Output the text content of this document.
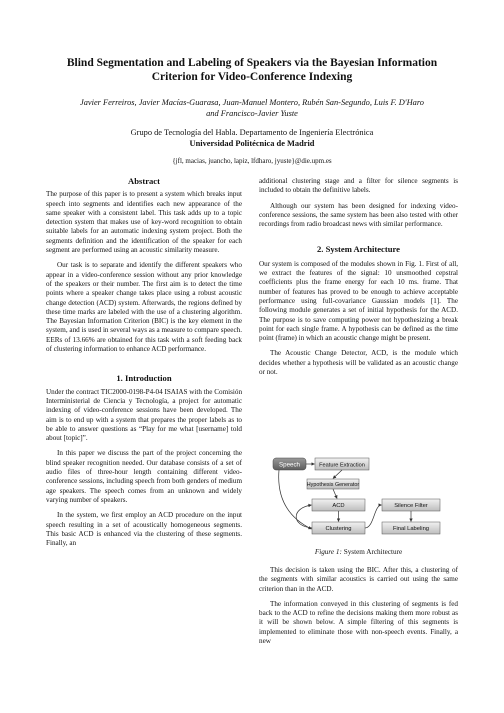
Blind Segmentation and Labeling of Speakers via the Bayesian Information
Criterion for Video-Conference Indexing
Javier Ferreiros, Javier Macías-Guarasa, Juan-Manuel Montero, Rubén San-Segundo, Luis F. D'Haro
and Francisco-Javier Yuste
Grupo de Tecnología del Habla. Departamento de Ingeniería Electrónica
Universidad Politécnica de Madrid
{jfl, macias, juancho, lapiz, lfdharo, jyuste}@die.upm.es

Abstract

The purpose of this paper is to present a system which breaks input speech into segments and identifies each new appearance of the same speaker with a consistent label. This task adds up to a topic detection system that makes use of key-word recognition to obtain suitable labels for an automatic indexing system project. Both the segments definition and the identification of the speaker for each segment are performed using an acoustic similarity measure.

Our task is to separate and identify the different speakers who appear in a video-conference session without any prior knowledge of the speakers or their number. The first aim is to detect the time points where a speaker change takes place using a robust acoustic change detection (ACD) system. Afterwards, the regions defined by these time marks are labeled with the use of a clustering algorithm. The Bayesian Information Criterion (BIC) is the key element in the system, and is used in several ways as a measure to compare speech. EERs of 13.66% are obtained for this task with a soft feeding back of clustering information to enhance ACD performance.

1. Introduction

Under the contract TIC2000-0198-P4-04 ISAIAS with the Comisión Interministerial de Ciencia y Tecnología, a project for automatic indexing of video-conference sessions have been developed. The aim is to end up with a system that prepares the proper labels as to be able to answer questions as “Play for me what [username] told about [topic]”.

In this paper we discuss the part of the project concerning the blind speaker recognition needed. Our database consists of a set of audio files of three-hour length containing different video-conference sessions, including speech from both genders of medium age speakers. The speech comes from an unknown and widely varying number of speakers.

In the system, we first employ an ACD procedure on the input speech resulting in a set of acoustically homogeneous segments. This basic ACD is enhanced via the clustering of these segments. Finally, an

additional clustering stage and a filter for silence segments is included to obtain the definitive labels.

Although our system has been designed for indexing video-conference sessions, the same system has been also tested with other recordings from radio broadcast news with similar performance.

2. System Architecture

Our system is composed of the modules shown in Fig. 1. First of all, we extract the features of the signal: 10 unsmoothed cepstral coefficients plus the frame energy for each 10 ms. frame. That number of features has proved to be enough to achieve acceptable performance using full-covariance Gaussian models [1]. The following module generates a set of initial hypothesis for the ACD. The purpose is to save computing power not hypothesizing a break point for each single frame. A hypothesis can be defined as the time point (frame) in which an acoustic change might be present.

The Acoustic Change Detector, ACD, is the module which decides whether a hypothesis will be validated as an acoustic change or not.

Speech	Feature Extraction
Hypothesis Generator
ACD	Silence Filter
Clustering	Final Labeling
Figure 1: System Architecture

This decision is taken using the BIC. After this, a clustering of the segments with similar acoustics is carried out using the same criterion than in the ACD.

The information conveyed in this clustering of segments is fed back to the ACD to refine the decisions making them more robust as it will be shown below. A simple filtering of this segments is implemented to eliminate those with non-speech events. Finally, a new
